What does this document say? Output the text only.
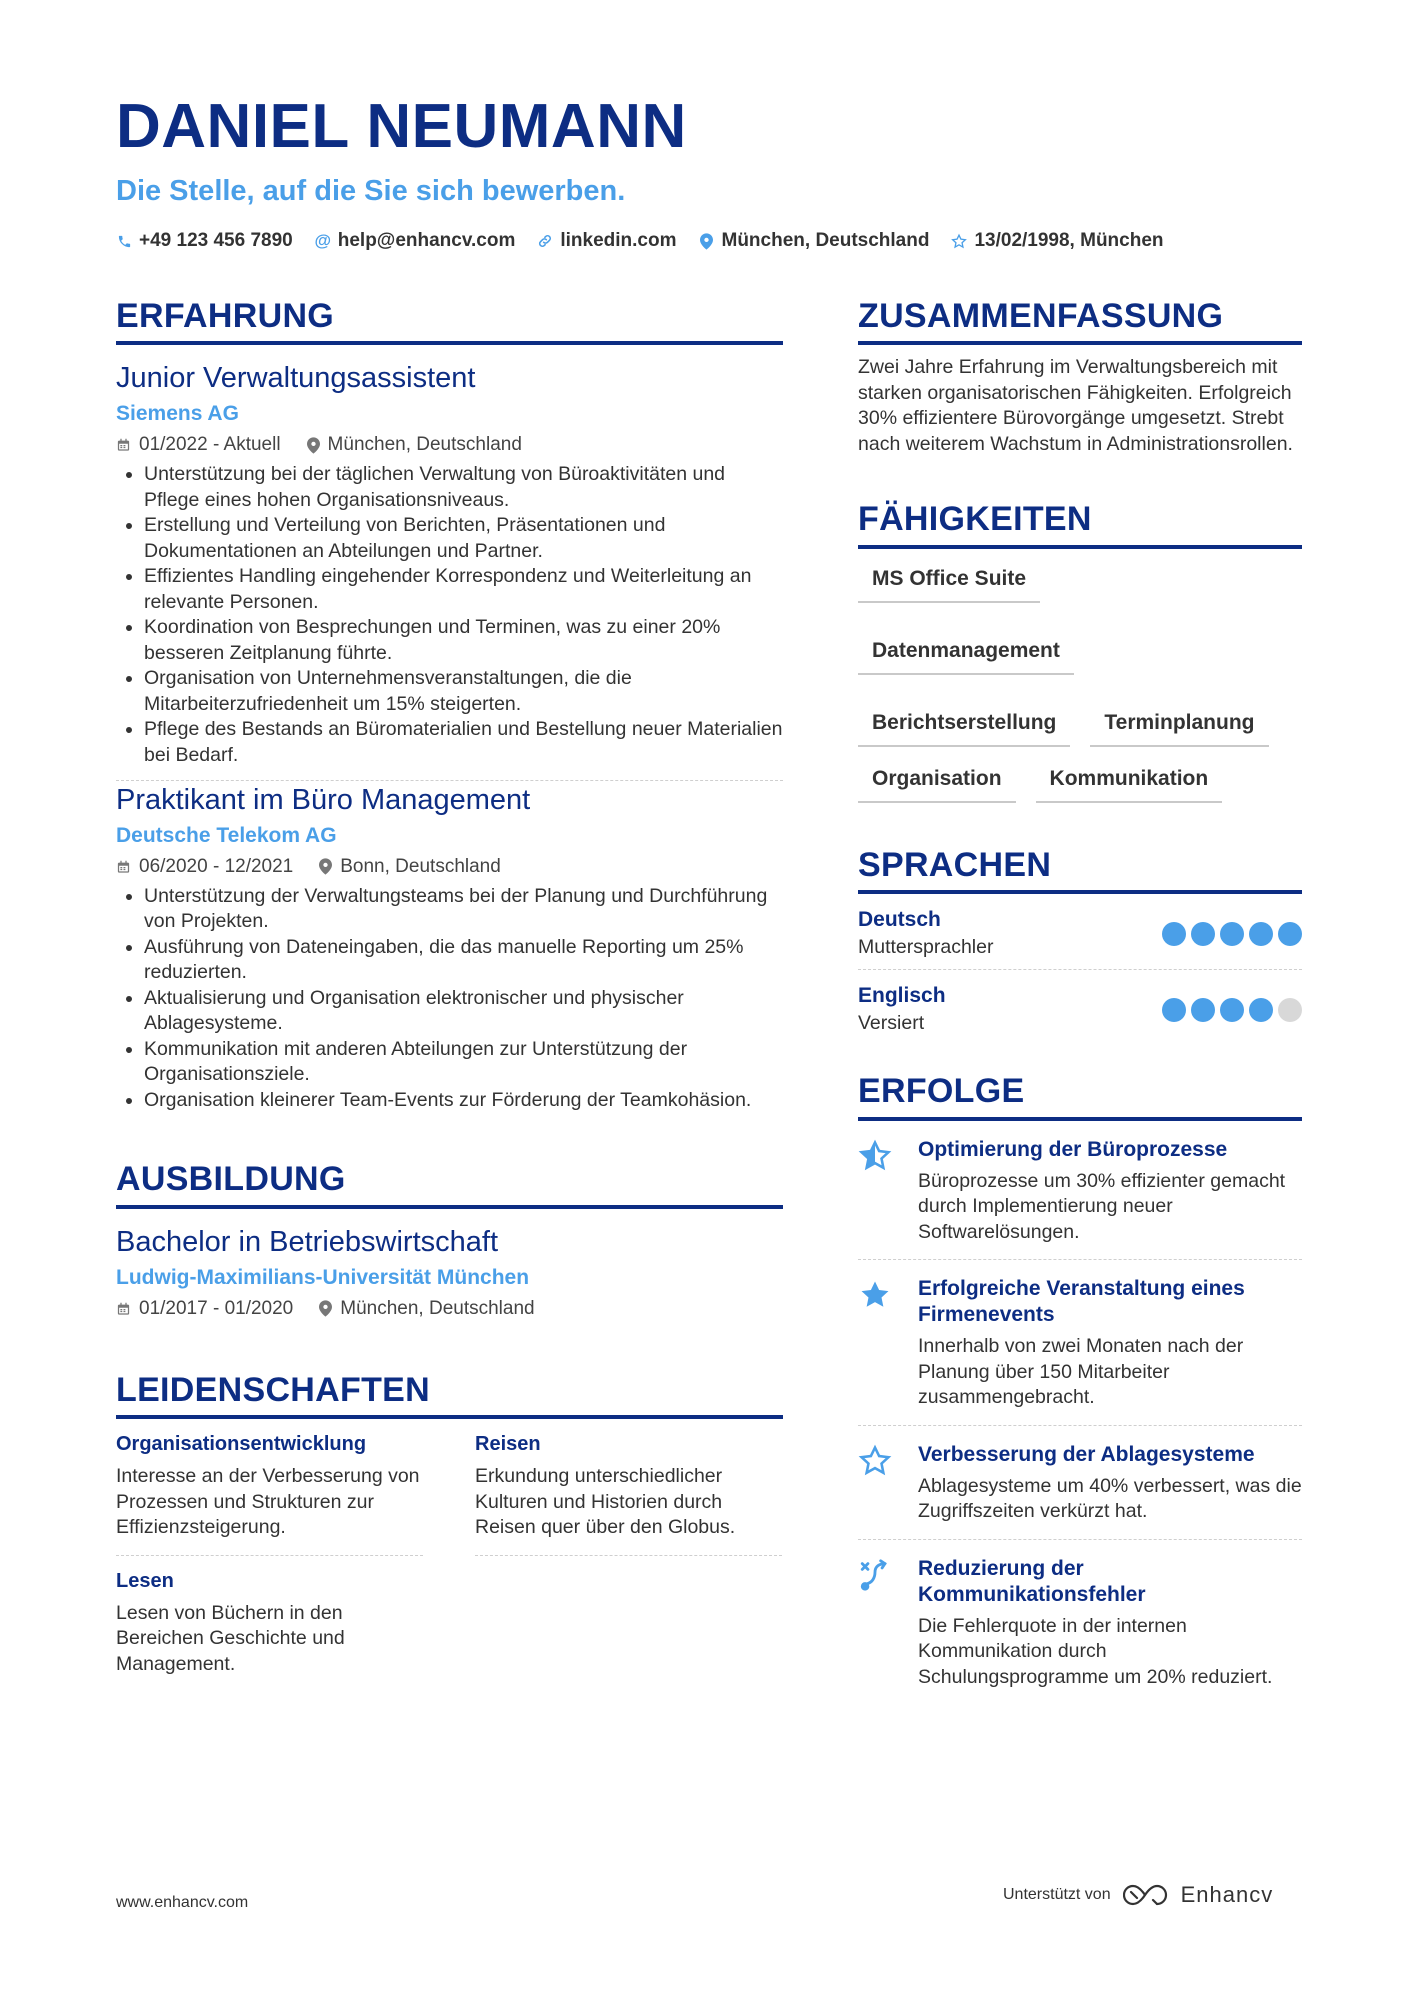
DANIEL NEUMANN
Die Stelle, auf die Sie sich bewerben.
+49 123 456 7890 @ help@enhancv.com linkedin.com München, Deutschland 13/02/1998, München
ERFAHRUNG
Junior Verwaltungsassistent
Siemens AG
01/2022 - Aktuell München, Deutschland
• Unterstützung bei der täglichen Verwaltung von Büroaktivitäten und Pflege eines hohen Organisationsniveaus.
• Erstellung und Verteilung von Berichten, Präsentationen und Dokumentationen an Abteilungen und Partner.
• Effizientes Handling eingehender Korrespondenz und Weiterleitung an relevante Personen.
• Koordination von Besprechungen und Terminen, was zu einer 20% besseren Zeitplanung führte.
• Organisation von Unternehmensveranstaltungen, die die Mitarbeiterzufriedenheit um 15% steigerten.
• Pflege des Bestands an Büromaterialien und Bestellung neuer Materialien bei Bedarf.
Praktikant im Büro Management
Deutsche Telekom AG
06/2020 - 12/2021 Bonn, Deutschland
• Unterstützung der Verwaltungsteams bei der Planung und Durchführung von Projekten.
• Ausführung von Dateneingaben, die das manuelle Reporting um 25% reduzierten.
• Aktualisierung und Organisation elektronischer und physischer Ablagesysteme.
• Kommunikation mit anderen Abteilungen zur Unterstützung der Organisationsziele.
• Organisation kleinerer Team-Events zur Förderung der Teamkohäsion.
AUSBILDUNG
Bachelor in Betriebswirtschaft
Ludwig-Maximilians-Universität München
01/2017 - 01/2020 München, Deutschland
LEIDENSCHAFTEN
Organisationsentwicklung
Interesse an der Verbesserung von Prozessen und Strukturen zur Effizienzsteigerung.
Reisen
Erkundung unterschiedlicher Kulturen und Historien durch Reisen quer über den Globus.
Lesen
Lesen von Büchern in den Bereichen Geschichte und Management.
ZUSAMMENFASSUNG
Zwei Jahre Erfahrung im Verwaltungsbereich mit starken organisatorischen Fähigkeiten. Erfolgreich 30% effizientere Bürovorgänge umgesetzt. Strebt nach weiterem Wachstum in Administrationsrollen.
FÄHIGKEITEN
MS Office Suite
Datenmanagement
Berichtserstellung	Terminplanung
Organisation	Kommunikation
SPRACHEN
Deutsch
Muttersprachler
Englisch
Versiert
ERFOLGE
Optimierung der Büroprozesse
Büroprozesse um 30% effizienter gemacht durch Implementierung neuer Softwarelösungen.
Erfolgreiche Veranstaltung eines Firmenevents
Innerhalb von zwei Monaten nach der Planung über 150 Mitarbeiter zusammengebracht.
Verbesserung der Ablagesysteme
Ablagesysteme um 40% verbessert, was die Zugriffszeiten verkürzt hat.
Reduzierung der Kommunikationsfehler
Die Fehlerquote in der internen Kommunikation durch Schulungsprogramme um 20% reduziert.
www.enhancv.com	Unterstützt von	Enhancv
